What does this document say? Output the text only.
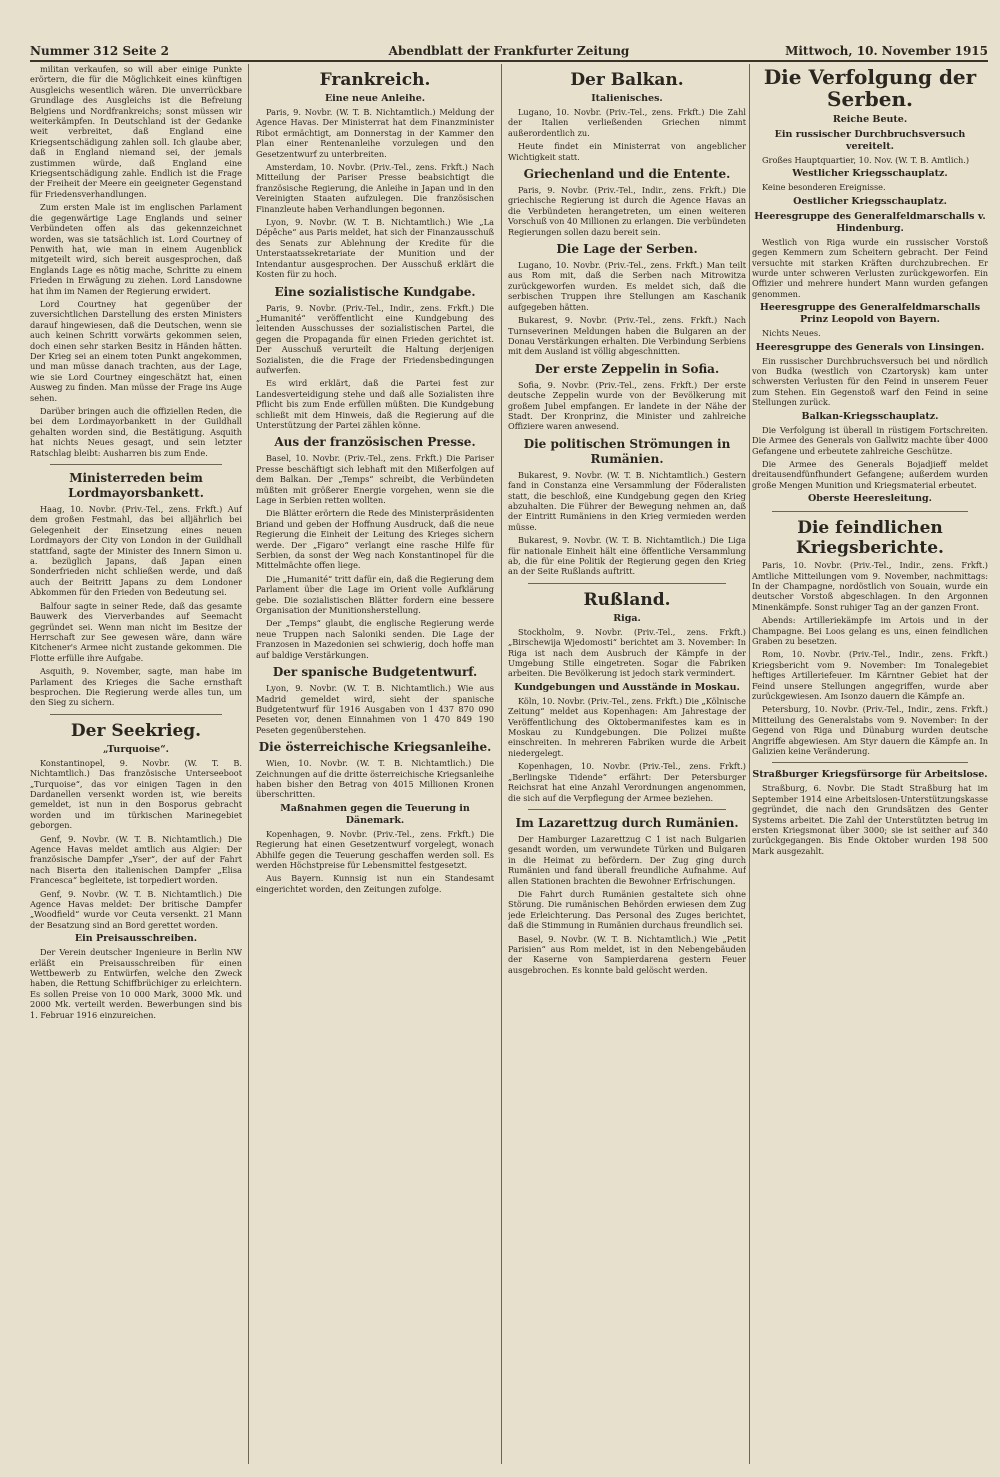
Nummer 312 Seite 2	Abendblatt der Frankfurter Zeitung	Mittwoch, 10. November 1915

militan verkaufen, so will aber einige Punkte erörtern, die für die Möglichkeit eines künftigen Ausgleichs wesentlich wären. Die unverrückbare Grundlage des Ausgleichs ist die Befreiung Belgiens und Nordfrankreichs; sonst müssen wir weiterkämpfen. In Deutschland ist der Gedanke weit verbreitet, daß England eine Kriegsentschädigung zahlen soll. Ich glaube aber, daß in England niemand sei, der jemals zustimmen würde, daß England eine Kriegsentschädigung zahle. Endlich ist die Frage der Freiheit der Meere ein geeigneter Gegenstand für Friedensverhandlungen.

Zum ersten Male ist im englischen Parlament die gegenwärtige Lage Englands und seiner Verbündeten offen als das gekennzeichnet worden, was sie tatsächlich ist. Lord Courtney of Penwith hat, wie man in einem Augenblick mitgeteilt wird, sich bereit ausgesprochen, daß Englands Lage es nötig mache, Schritte zu einem Frieden in Erwägung zu ziehen. Lord Lansdowne hat ihm im Namen der Regierung erwidert.

Lord Courtney hat gegenüber der zuversichtlichen Darstellung des ersten Ministers darauf hingewiesen, daß die Deutschen, wenn sie auch keinen Schritt vorwärts gekommen seien, doch einen sehr starken Besitz in Händen hätten. Der Krieg sei an einem toten Punkt angekommen, und man müsse danach trachten, aus der Lage, wie sie Lord Courtney eingeschätzt hat, einen Ausweg zu finden. Man müsse der Frage ins Auge sehen.

Darüber bringen auch die offiziellen Reden, die bei dem Lordmayorbankett in der Guildhall gehalten worden sind, die Bestätigung. Asquith hat nichts Neues gesagt, und sein letzter Ratschlag bleibt: Ausharren bis zum Ende.

Ministerreden beim Lordmayorsbankett.

Haag, 10. Novbr. (Priv.-Tel., zens. Frkft.) Auf dem großen Festmahl, das bei alljährlich bei Gelegenheit der Einsetzung eines neuen Lordmayors der City von London in der Guildhall stattfand, sagte der Minister des Innern Simon u. a. bezüglich Japans, daß Japan einen Sonderfrieden nicht schließen werde, und daß auch der Beitritt Japans zu dem Londoner Abkommen für den Frieden von Bedeutung sei.

Balfour sagte in seiner Rede, daß das gesamte Bauwerk des Vierverbandes auf Seemacht gegründet sei. Wenn man nicht im Besitze der Herrschaft zur See gewesen wäre, dann wäre Kitchener's Armee nicht zustande gekommen. Die Flotte erfülle ihre Aufgabe.

Asquith, 9. November, sagte, man habe im Parlament des Krieges die Sache ernsthaft besprochen. Die Regierung werde alles tun, um den Sieg zu sichern.

Der Seekrieg.
„Turquoise“.

Konstantinopel, 9. Novbr. (W. T. B. Nichtamtlich.) Das französische Unterseeboot „Turquoise“, das vor einigen Tagen in den Dardanellen versenkt worden ist, wie bereits gemeldet, ist nun in den Bosporus gebracht worden und im türkischen Marinegebiet geborgen.

Genf, 9. Novbr. (W. T. B. Nichtamtlich.) Die Agence Havas meldet amtlich aus Algier: Der französische Dampfer „Yser“, der auf der Fahrt nach Biserta den italienischen Dampfer „Elisa Francesca“ begleitete, ist torpediert worden.

Genf, 9. Novbr. (W. T. B. Nichtamtlich.) Die Agence Havas meldet: Der britische Dampfer „Woodfield“ wurde vor Ceuta versenkt. 21 Mann der Besatzung sind an Bord gerettet worden.

Ein Preisausschreiben.

Der Verein deutscher Ingenieure in Berlin NW erläßt ein Preisausschreiben für einen Wettbewerb zu Entwürfen, welche den Zweck haben, die Rettung Schiffbrüchiger zu erleichtern. Es sollen Preise von 10 000 Mark, 3000 Mk. und 2000 Mk. verteilt werden. Bewerbungen sind bis 1. Februar 1916 einzureichen.

Frankreich.
Eine neue Anleihe.

Paris, 9. Novbr. (W. T. B. Nichtamtlich.) Meldung der Agence Havas. Der Ministerrat hat dem Finanzminister Ribot ermächtigt, am Donnerstag in der Kammer den Plan einer Rentenanleihe vorzulegen und den Gesetzentwurf zu unterbreiten.

Amsterdam, 10. Novbr. (Priv.-Tel., zens. Frkft.) Nach Mitteilung der Pariser Presse beabsichtigt die französische Regierung, die Anleihe in Japan und in den Vereinigten Staaten aufzulegen. Die französischen Finanzleute haben Verhandlungen begonnen.

Lyon, 9. Novbr. (W. T. B. Nichtamtlich.) Wie „La Dépêche“ aus Paris meldet, hat sich der Finanzausschuß des Senats zur Ablehnung der Kredite für die Unterstaatssekretariate der Munition und der Intendantur ausgesprochen. Der Ausschuß erklärt die Kosten für zu hoch.

Eine sozialistische Kundgabe.

Paris, 9. Novbr. (Priv.-Tel., Indir., zens. Frkft.) Die „Humanité“ veröffentlicht eine Kundgebung des leitenden Ausschusses der sozialistischen Partei, die gegen die Propaganda für einen Frieden gerichtet ist. Der Ausschuß verurteilt die Haltung derjenigen Sozialisten, die die Frage der Friedensbedingungen aufwerfen.

Es wird erklärt, daß die Partei fest zur Landesverteidigung stehe und daß alle Sozialisten ihre Pflicht bis zum Ende erfüllen müßten. Die Kundgebung schließt mit dem Hinweis, daß die Regierung auf die Unterstützung der Partei zählen könne.

Aus der französischen Presse.

Basel, 10. Novbr. (Priv.-Tel., zens. Frkft.) Die Pariser Presse beschäftigt sich lebhaft mit den Mißerfolgen auf dem Balkan. Der „Temps“ schreibt, die Verbündeten müßten mit größerer Energie vorgehen, wenn sie die Lage in Serbien retten wollten.

Die Blätter erörtern die Rede des Ministerpräsidenten Briand und geben der Hoffnung Ausdruck, daß die neue Regierung die Einheit der Leitung des Krieges sichern werde. Der „Figaro“ verlangt eine rasche Hilfe für Serbien, da sonst der Weg nach Konstantinopel für die Mittelmächte offen liege.

Die „Humanité“ tritt dafür ein, daß die Regierung dem Parlament über die Lage im Orient volle Aufklärung gebe. Die sozialistischen Blätter fordern eine bessere Organisation der Munitionsherstellung.

Der „Temps“ glaubt, die englische Regierung werde neue Truppen nach Saloniki senden. Die Lage der Franzosen in Mazedonien sei schwierig, doch hoffe man auf baldige Verstärkungen.

Der spanische Budgetentwurf.

Lyon, 9. Novbr. (W. T. B. Nichtamtlich.) Wie aus Madrid gemeldet wird, sieht der spanische Budgetentwurf für 1916 Ausgaben von 1 437 870 090 Peseten vor, denen Einnahmen von 1 470 849 190 Peseten gegenüberstehen.

Die österreichische Kriegsanleihe.

Wien, 10. Novbr. (W. T. B. Nichtamtlich.) Die Zeichnungen auf die dritte österreichische Kriegsanleihe haben bisher den Betrag von 4015 Millionen Kronen überschritten.

Maßnahmen gegen die Teuerung in Dänemark.

Kopenhagen, 9. Novbr. (Priv.-Tel., zens. Frkft.) Die Regierung hat einen Gesetzentwurf vorgelegt, wonach Abhilfe gegen die Teuerung geschaffen werden soll. Es werden Höchstpreise für Lebensmittel festgesetzt.

Aus Bayern. Kunnsig ist nun ein Standesamt eingerichtet worden, den Zeitungen zufolge.

Der Balkan.
Italienisches.

Lugano, 10. Novbr. (Priv.-Tel., zens. Frkft.) Die Zahl der Italien verließenden Griechen nimmt außerordentlich zu.

Heute findet ein Ministerrat von angeblicher Wichtigkeit statt.

Griechenland und die Entente.

Paris, 9. Novbr. (Priv.-Tel., Indir., zens. Frkft.) Die griechische Regierung ist durch die Agence Havas an die Verbündeten herangetreten, um einen weiteren Vorschuß von 40 Millionen zu erlangen. Die verbündeten Regierungen sollen dazu bereit sein.

Die Lage der Serben.

Lugano, 10. Novbr. (Priv.-Tel., zens. Frkft.) Man teilt aus Rom mit, daß die Serben nach Mitrowitza zurückgeworfen wurden. Es meldet sich, daß die serbischen Truppen ihre Stellungen am Kaschanik aufgegeben hätten.

Bukarest, 9. Novbr. (Priv.-Tel., zens. Frkft.) Nach Turnseverinen Meldungen haben die Bulgaren an der Donau Verstärkungen erhalten. Die Verbindung Serbiens mit dem Ausland ist völlig abgeschnitten.

Der erste Zeppelin in Sofia.

Sofia, 9. Novbr. (Priv.-Tel., zens. Frkft.) Der erste deutsche Zeppelin wurde von der Bevölkerung mit großem Jubel empfangen. Er landete in der Nähe der Stadt. Der Kronprinz, die Minister und zahlreiche Offiziere waren anwesend.

Die politischen Strömungen in Rumänien.

Bukarest, 9. Novbr. (W. T. B. Nichtamtlich.) Gestern fand in Constanza eine Versammlung der Föderalisten statt, die beschloß, eine Kundgebung gegen den Krieg abzuhalten. Die Führer der Bewegung nehmen an, daß der Eintritt Rumäniens in den Krieg vermieden werden müsse.

Bukarest, 9. Novbr. (W. T. B. Nichtamtlich.) Die Liga für nationale Einheit hält eine öffentliche Versammlung ab, die für eine Politik der Regierung gegen den Krieg an der Seite Rußlands auftritt.

Rußland.
Riga.

Stockholm, 9. Novbr. (Priv.-Tel., zens. Frkft.) „Birschewija Wjedomosti“ berichtet am 3. November: In Riga ist nach dem Ausbruch der Kämpfe in der Umgebung Stille eingetreten. Sogar die Fabriken arbeiten. Die Bevölkerung ist jedoch stark vermindert.

Kundgebungen und Ausstände in Moskau.

Köln, 10. Novbr. (Priv.-Tel., zens. Frkft.) Die „Kölnische Zeitung“ meldet aus Kopenhagen: Am Jahrestage der Veröffentlichung des Oktobermanifestes kam es in Moskau zu Kundgebungen. Die Polizei mußte einschreiten. In mehreren Fabriken wurde die Arbeit niedergelegt.

Kopenhagen, 10. Novbr. (Priv.-Tel., zens. Frkft.) „Berlingske Tidende“ erfährt: Der Petersburger Reichsrat hat eine Anzahl Verordnungen angenommen, die sich auf die Verpflegung der Armee beziehen.

Im Lazarettzug durch Rumänien.

Der Hamburger Lazarettzug C 1 ist nach Bulgarien gesandt worden, um verwundete Türken und Bulgaren in die Heimat zu befördern. Der Zug ging durch Rumänien und fand überall freundliche Aufnahme. Auf allen Stationen brachten die Bewohner Erfrischungen.

Die Fahrt durch Rumänien gestaltete sich ohne Störung. Die rumänischen Behörden erwiesen dem Zug jede Erleichterung. Das Personal des Zuges berichtet, daß die Stimmung in Rumänien durchaus freundlich sei.

Basel, 9. Novbr. (W. T. B. Nichtamtlich.) Wie „Petit Parisien“ aus Rom meldet, ist in den Nebengebäuden der Kaserne von Sampierdarena gestern Feuer ausgebrochen. Es konnte bald gelöscht werden.

Die Verfolgung der Serben.
Reiche Beute.
Ein russischer Durchbruchsversuch vereitelt.

Großes Hauptquartier, 10. Nov. (W. T. B. Amtlich.)

Westlicher Kriegsschauplatz.

Keine besonderen Ereignisse.

Oestlicher Kriegsschauplatz.
Heeresgruppe des Generalfeldmarschalls v. Hindenburg.

Westlich von Riga wurde ein russischer Vorstoß gegen Kemmern zum Scheitern gebracht. Der Feind versuchte mit starken Kräften durchzubrechen. Er wurde unter schweren Verlusten zurückgeworfen. Ein Offizier und mehrere hundert Mann wurden gefangen genommen.

Heeresgruppe des Generalfeldmarschalls Prinz Leopold von Bayern.

Nichts Neues.

Heeresgruppe des Generals von Linsingen.

Ein russischer Durchbruchsversuch bei und nördlich von Budka (westlich von Czartorysk) kam unter schwersten Verlusten für den Feind in unserem Feuer zum Stehen. Ein Gegenstoß warf den Feind in seine Stellungen zurück.

Balkan-Kriegsschauplatz.

Die Verfolgung ist überall in rüstigem Fortschreiten. Die Armee des Generals von Gallwitz machte über 4000 Gefangene und erbeutete zahlreiche Geschütze.

Die Armee des Generals Bojadjieff meldet dreitausendfünfhundert Gefangene; außerdem wurden große Mengen Munition und Kriegsmaterial erbeutet.

Oberste Heeresleitung.
Die feindlichen Kriegsberichte.

Paris, 10. Novbr. (Priv.-Tel., Indir., zens. Frkft.) Amtliche Mitteilungen vom 9. November, nachmittags: In der Champagne, nordöstlich von Souain, wurde ein deutscher Vorstoß abgeschlagen. In den Argonnen Minenkämpfe. Sonst ruhiger Tag an der ganzen Front.

Abends: Artilleriekämpfe im Artois und in der Champagne. Bei Loos gelang es uns, einen feindlichen Graben zu besetzen.

Rom, 10. Novbr. (Priv.-Tel., Indir., zens. Frkft.) Kriegsbericht vom 9. November: Im Tonalegebiet heftiges Artilleriefeuer. Im Kärntner Gebiet hat der Feind unsere Stellungen angegriffen, wurde aber zurückgewiesen. Am Isonzo dauern die Kämpfe an.

Petersburg, 10. Novbr. (Priv.-Tel., Indir., zens. Frkft.) Mitteilung des Generalstabs vom 9. November: In der Gegend von Riga und Dünaburg wurden deutsche Angriffe abgewiesen. Am Styr dauern die Kämpfe an. In Galizien keine Veränderung.

Straßburger Kriegsfürsorge für Arbeitslose.

Straßburg, 6. Novbr. Die Stadt Straßburg hat im September 1914 eine Arbeitslosen-Unterstützungskasse gegründet, die nach den Grundsätzen des Genter Systems arbeitet. Die Zahl der Unterstützten betrug im ersten Kriegsmonat über 3000; sie ist seither auf 340 zurückgegangen. Bis Ende Oktober wurden 198 500 Mark ausgezahlt.
